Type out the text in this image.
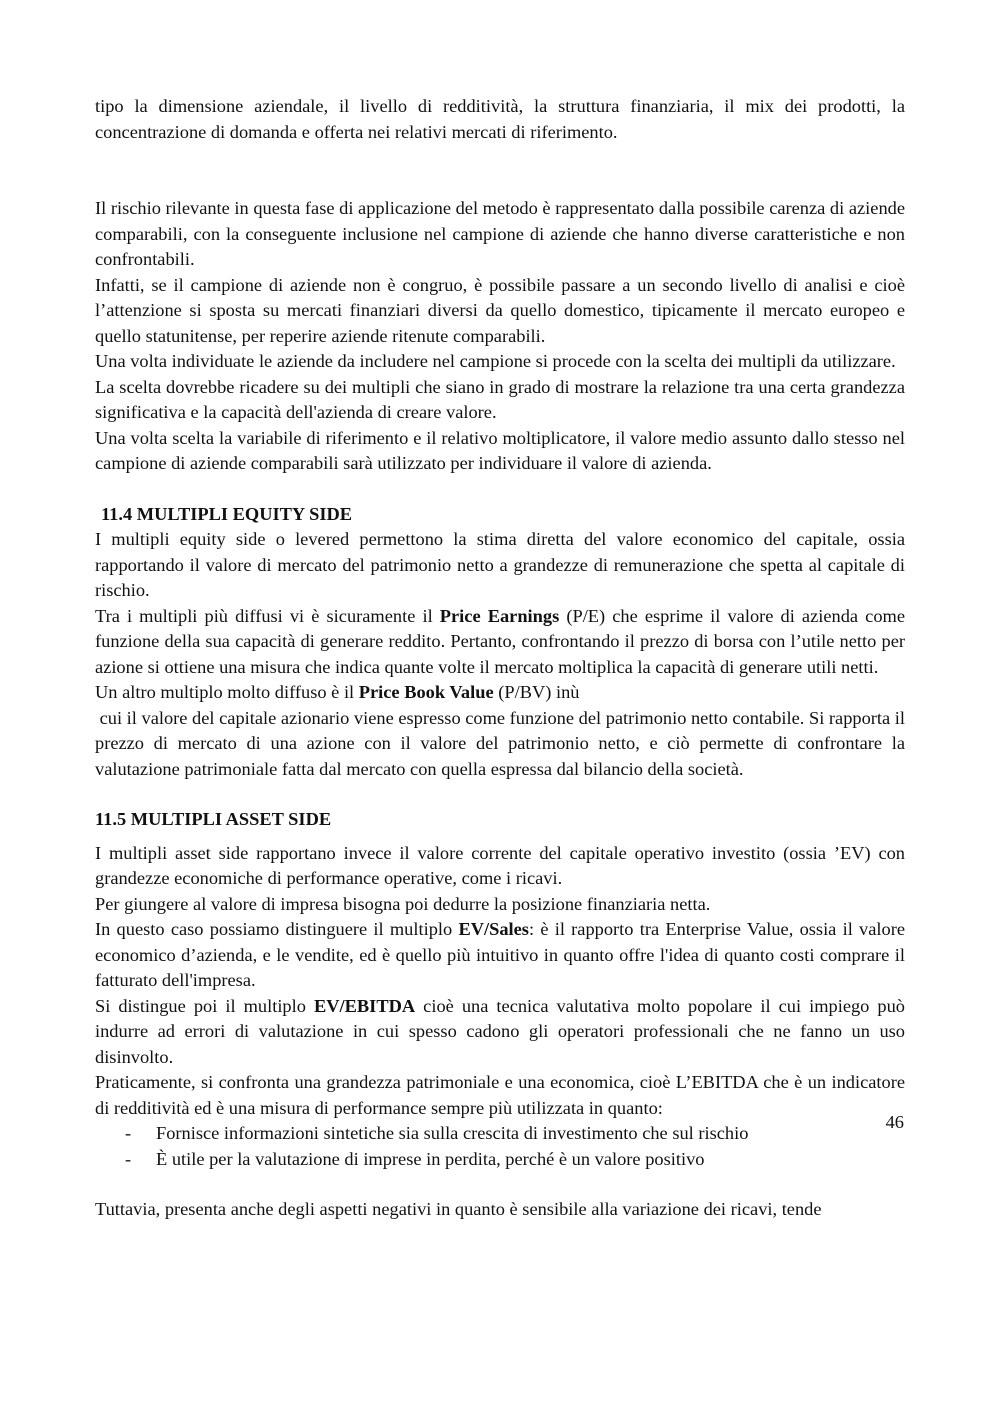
tipo la dimensione aziendale, il livello di redditività, la struttura finanziaria, il mix dei prodotti, la concentrazione di domanda e offerta nei relativi mercati di riferimento.

Il rischio rilevante in questa fase di applicazione del metodo è rappresentato dalla possibile carenza di aziende comparabili, con la conseguente inclusione nel campione di aziende che hanno diverse caratteristiche e non confrontabili.

Infatti, se il campione di aziende non è congruo, è possibile passare a un secondo livello di analisi e cioè l’attenzione si sposta su mercati finanziari diversi da quello domestico, tipicamente il mercato europeo e quello statunitense, per reperire aziende ritenute comparabili.

Una volta individuate le aziende da includere nel campione si procede con la scelta dei multipli da utilizzare.

La scelta dovrebbe ricadere su dei multipli che siano in grado di mostrare la relazione tra una certa grandezza significativa e la capacità dell'azienda di creare valore.

Una volta scelta la variabile di riferimento e il relativo moltiplicatore, il valore medio assunto dallo stesso nel campione di aziende comparabili sarà utilizzato per individuare il valore di azienda.

11.4 MULTIPLI EQUITY SIDE

I multipli equity side o levered permettono la stima diretta del valore economico del capitale, ossia rapportando il valore di mercato del patrimonio netto a grandezze di remunerazione che spetta al capitale di rischio.

Tra i multipli più diffusi vi è sicuramente il Price Earnings (P/E) che esprime il valore di azienda come funzione della sua capacità di generare reddito. Pertanto, confrontando il prezzo di borsa con l’utile netto per azione si ottiene una misura che indica quante volte il mercato moltiplica la capacità di generare utili netti.

Un altro multiplo molto diffuso è il Price Book Value (P/BV) inù

cui il valore del capitale azionario viene espresso come funzione del patrimonio netto contabile. Si rapporta il prezzo di mercato di una azione con il valore del patrimonio netto, e ciò permette di confrontare la valutazione patrimoniale fatta dal mercato con quella espressa dal bilancio della società.

11.5 MULTIPLI ASSET SIDE

I multipli asset side rapportano invece il valore corrente del capitale operativo investito (ossia ’EV) con grandezze economiche di performance operative, come i ricavi.

Per giungere al valore di impresa bisogna poi dedurre la posizione finanziaria netta.

In questo caso possiamo distinguere il multiplo EV/Sales: è il rapporto tra Enterprise Value, ossia il valore economico d’azienda, e le vendite, ed è quello più intuitivo in quanto offre l'idea di quanto costi comprare il fatturato dell'impresa.

Si distingue poi il multiplo EV/EBITDA cioè una tecnica valutativa molto popolare il cui impiego può indurre ad errori di valutazione in cui spesso cadono gli operatori professionali che ne fanno un uso disinvolto.

Praticamente, si confronta una grandezza patrimoniale e una economica, cioè L’EBITDA che è un indicatore di redditività ed è una misura di performance sempre più utilizzata in quanto:

-	Fornisce informazioni sintetiche sia sulla crescita di investimento che sul rischio
-	È utile per la valutazione di imprese in perdita, perché è un valore positivo

Tuttavia, presenta anche degli aspetti negativi in quanto è sensibile alla variazione dei ricavi, tende

46
